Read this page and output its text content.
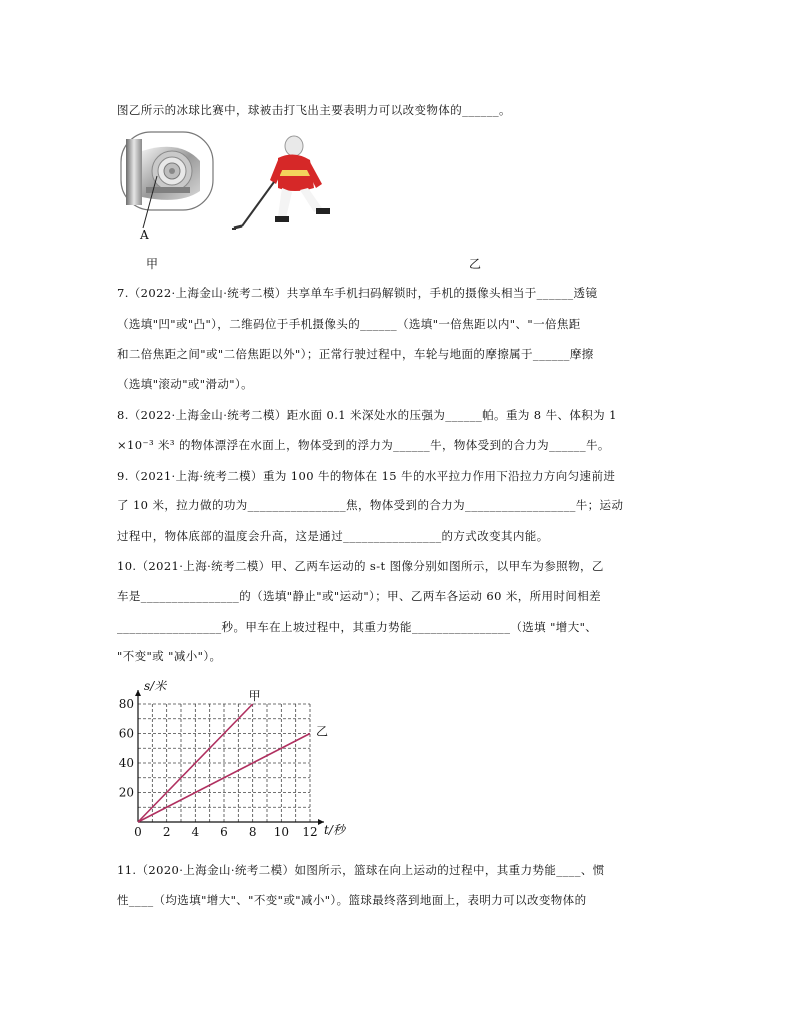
图乙所示的冰球比赛中，球被击打飞出主要表明力可以改变物体的______。
A
甲	乙
7.（2022·上海金山·统考二模）共享单车手机扫码解锁时，手机的摄像头相当于______透镜
（选填"凹"或"凸"），二维码位于手机摄像头的______（选填"一倍焦距以内"、"一倍焦距
和二倍焦距之间"或"二倍焦距以外"）；正常行驶过程中，车轮与地面的摩擦属于______摩擦
（选填"滚动"或"滑动"）。
8.（2022·上海金山·统考二模）距水面 0.1 米深处水的压强为______帕。重为 8 牛、体积为 1
×10⁻³ 米³ 的物体漂浮在水面上，物体受到的浮力为______牛，物体受到的合力为______牛。
9.（2021·上海·统考二模）重为 100 牛的物体在 15 牛的水平拉力作用下沿拉力方向匀速前进
了 10 米，拉力做的功为________________焦，物体受到的合力为__________________牛；运动
过程中，物体底部的温度会升高，这是通过________________的方式改变其内能。
10.（2021·上海·统考二模）甲、乙两车运动的 s-t 图像分别如图所示，以甲车为参照物，乙
车是________________的（选填"静止"或"运动"）；甲、乙两车各运动 60 米，所用时间相差
_________________秒。甲车在上坡过程中，其重力势能________________（选填 "增大"、
"不变"或 "减小"）。
0 2 4 6 8 10 12
20
40
60
80
s/米
t/秒
甲
乙
11.（2020·上海金山·统考二模）如图所示，篮球在向上运动的过程中，其重力势能____、惯
性____（均选填"增大"、"不变"或"减小"）。篮球最终落到地面上，表明力可以改变物体的
